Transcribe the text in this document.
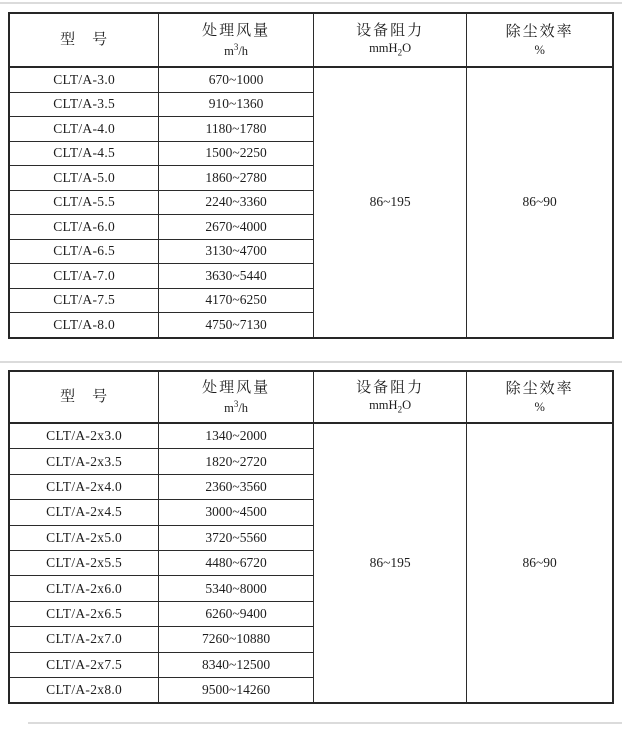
型　号

处理风量
$m^3/h$

设备阻力
mmH$_2$O

除尘效率
%

CLT/A-3.0	670~1000	86~195	86~90
CLT/A-3.5	910~1360		
CLT/A-4.0	1180~1780		
CLT/A-4.5	1500~2250		
CLT/A-5.0	1860~2780		
CLT/A-5.5	2240~3360		
CLT/A-6.0	2670~4000		
CLT/A-6.5	3130~4700		
CLT/A-7.0	3630~5440		
CLT/A-7.5	4170~6250		
CLT/A-8.0	4750~7130		
型　号

处理风量
$m^3/h$

设备阻力
mmH$_2$O

除尘效率
%

CLT/A-2x3.0	1340~2000	86~195	86~90
CLT/A-2x3.5	1820~2720		
CLT/A-2x4.0	2360~3560		
CLT/A-2x4.5	3000~4500		
CLT/A-2x5.0	3720~5560		
CLT/A-2x5.5	4480~6720		
CLT/A-2x6.0	5340~8000		
CLT/A-2x6.5	6260~9400		
CLT/A-2x7.0	7260~10880		
CLT/A-2x7.5	8340~12500		
CLT/A-2x8.0	9500~14260		
